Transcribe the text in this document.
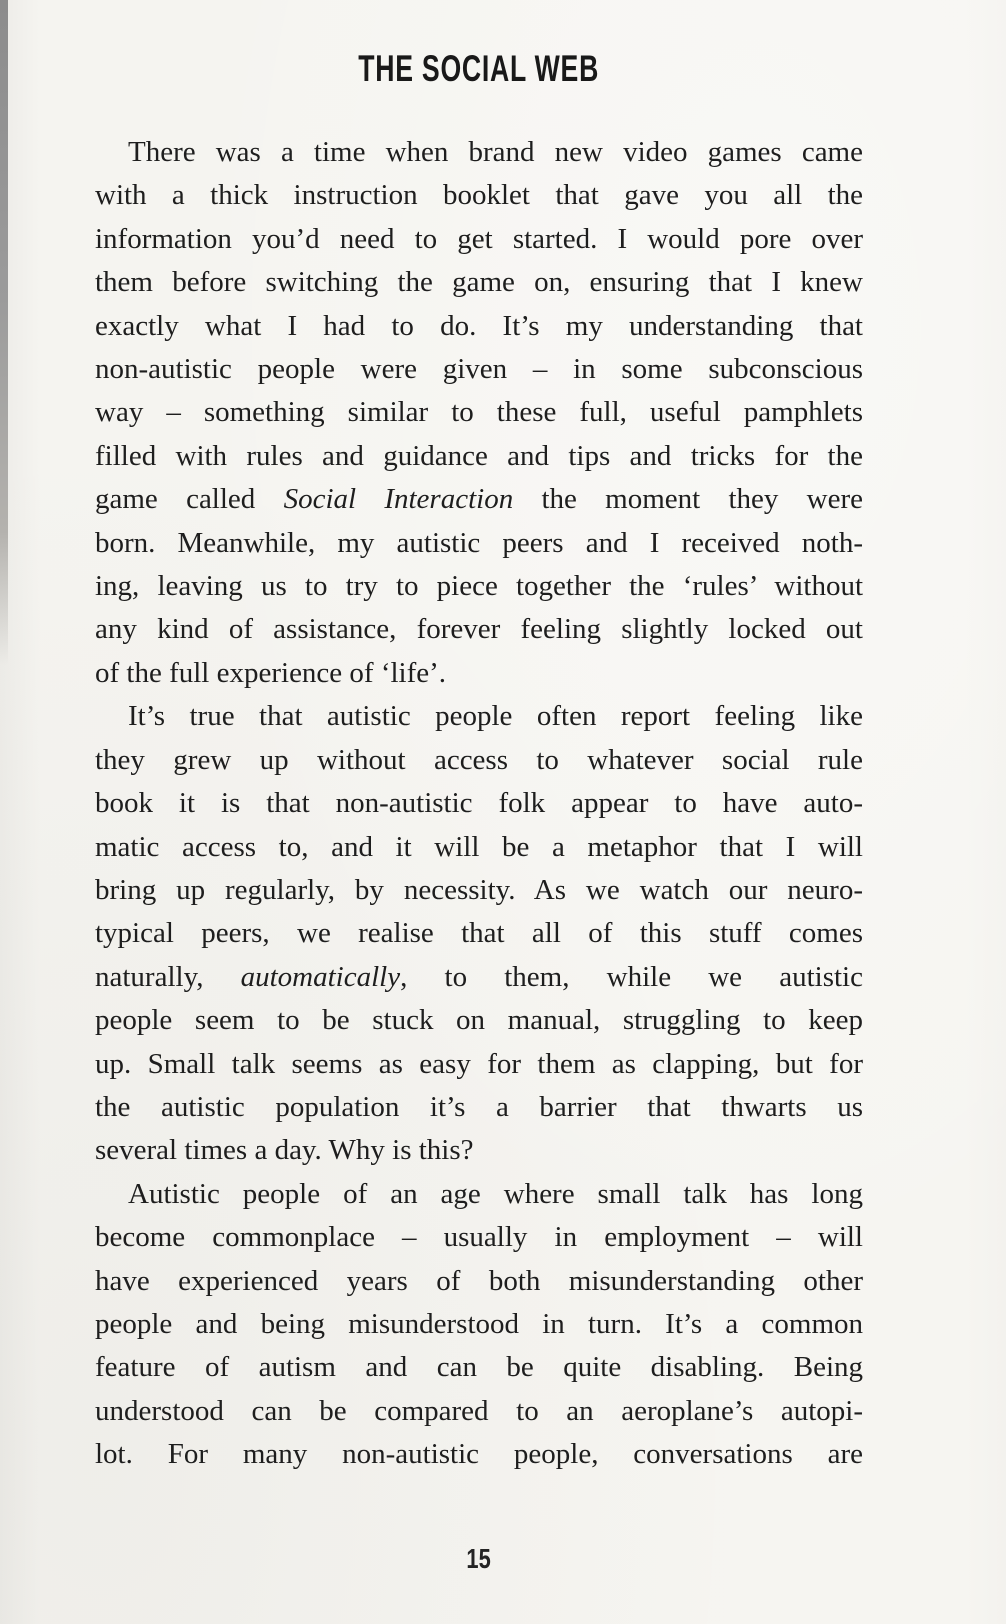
THE SOCIAL WEB
There was a time when brand new video games came
with a thick instruction booklet that gave you all the
information you’d need to get started. I would pore over
them before switching the game on, ensuring that I knew
exactly what I had to do. It’s my understanding that
non-autistic people were given – in some subconscious
way – something similar to these full, useful pamphlets
filled with rules and guidance and tips and tricks for the
game called Social Interaction the moment they were
born. Meanwhile, my autistic peers and I received noth-
ing, leaving us to try to piece together the ‘rules’ without
any kind of assistance, forever feeling slightly locked out
of the full experience of ‘life’.
It’s true that autistic people often report feeling like
they grew up without access to whatever social rule
book it is that non-autistic folk appear to have auto-
matic access to, and it will be a metaphor that I will
bring up regularly, by necessity. As we watch our neuro-
typical peers, we realise that all of this stuff comes
naturally, automatically, to them, while we autistic
people seem to be stuck on manual, struggling to keep
up. Small talk seems as easy for them as clapping, but for
the autistic population it’s a barrier that thwarts us
several times a day. Why is this?
Autistic people of an age where small talk has long
become commonplace – usually in employment – will
have experienced years of both misunderstanding other
people and being misunderstood in turn. It’s a common
feature of autism and can be quite disabling. Being
understood can be compared to an aeroplane’s autopi-
lot. For many non-autistic people, conversations are
15
